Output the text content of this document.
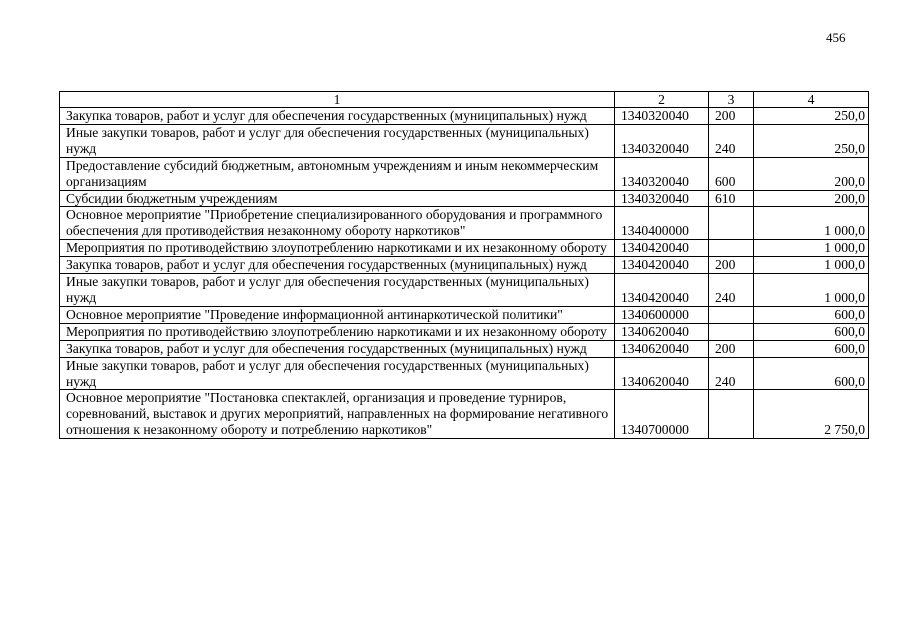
456
1	2	3	4
Закупка товаров, работ и услуг для обеспечения государственных (муниципальных) нужд	1340320040	200	250,0
Иные закупки товаров, работ и услуг для обеспечения государственных (муниципальных) нужд	1340320040	240	250,0
Предоставление субсидий бюджетным, автономным учреждениям и иным некоммерческим организациям	1340320040	600	200,0
Субсидии бюджетным учреждениям	1340320040	610	200,0
Основное мероприятие "Приобретение специализированного оборудования и программного обеспечения для противодействия незаконному обороту наркотиков"	1340400000		1 000,0
Мероприятия по противодействию злоупотреблению наркотиками и их незаконному обороту	1340420040		1 000,0
Закупка товаров, работ и услуг для обеспечения государственных (муниципальных) нужд	1340420040	200	1 000,0
Иные закупки товаров, работ и услуг для обеспечения государственных (муниципальных) нужд	1340420040	240	1 000,0
Основное мероприятие "Проведение информационной антинаркотической политики"	1340600000		600,0
Мероприятия по противодействию злоупотреблению наркотиками и их незаконному обороту	1340620040		600,0
Закупка товаров, работ и услуг для обеспечения государственных (муниципальных) нужд	1340620040	200	600,0
Иные закупки товаров, работ и услуг для обеспечения государственных (муниципальных) нужд	1340620040	240	600,0
Основное мероприятие "Постановка спектаклей, организация и проведение турниров, соревнований, выставок и других мероприятий, направленных на формирование негативного отношения к незаконному обороту и потреблению наркотиков"	1340700000		2 750,0
